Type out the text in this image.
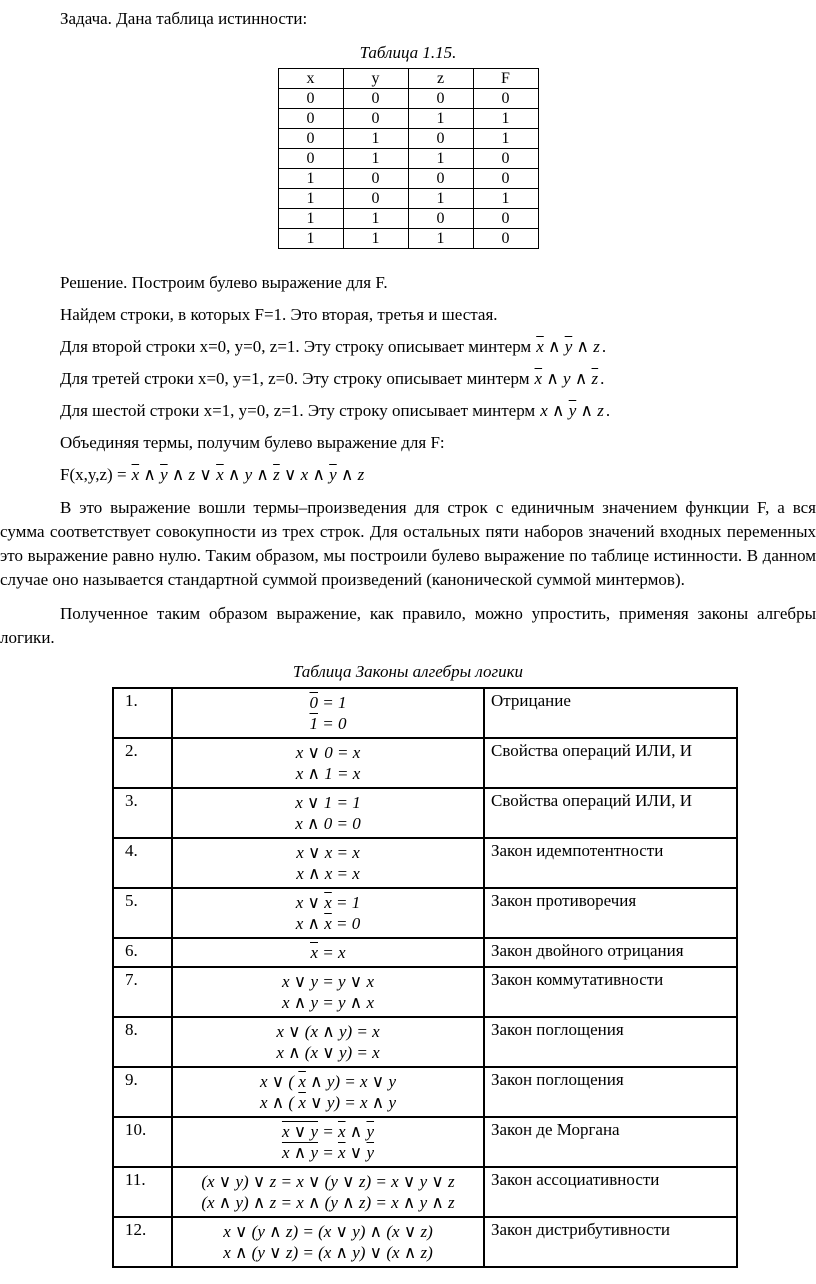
Задача. Дана таблица истинности:

Таблица 1.15.

x	y	z	F
0	0	0	0
0	0	1	1
0	1	0	1
0	1	1	0
1	0	0	0
1	0	1	1
1	1	0	0
1	1	1	0

Решение. Построим булево выражение для F.

Найдем строки, в которых F=1. Это вторая, третья и шестая.

Для второй строки x=0, y=0, z=1. Эту строку описывает минтерм $\overline{x}$ ∧ $\overline{y}$ ∧ z .

Для третей строки x=0, y=1, z=0. Эту строку описывает минтерм $\overline{x}$ ∧ y ∧ $\overline{z}$ .

Для шестой строки x=1, y=0, z=1. Эту строку описывает минтерм x ∧ $\overline{y}$ ∧ z .

Объединяя термы, получим булево выражение для F:

$F(x,y,z) = \overline{x}$ ∧ $\overline{y}$ ∧ z ∨ $\overline{x}$ ∧ y ∧ $\overline{z}$ ∨ x ∧ $\overline{y}$ ∧ z

В это выражение вошли термы–произведения для строк с единичным значением функции F, а вся сумма соответствует совокупности из трех строк. Для остальных пяти наборов значений входных переменных это выражение равно нулю. Таким образом, мы построили булево выражение по таблице истинности. В данном случае оно называется стандартной суммой произведений (канонической суммой минтермов).

Полученное таким образом выражение, как правило, можно упростить, применяя законы алгебры логики.

Таблица Законы алгебры логики

1.	0 = 1
1 = 0	Отрицание
2.	x ∨ 0 = x
x ∧ 1 = x	Свойства операций ИЛИ, И
3.	x ∨ 1 = 1
x ∧ 0 = 0	Свойства операций ИЛИ, И
4.	x ∨ x = x
x ∧ x = x	Закон идемпотентности
5.	x ∨ $\overline{x} = 1$
x ∧ $\overline{x} = 0$	Закон противоречия
6.	$\overline{x} = x$	Закон двойного отрицания
7.	x ∨ y = y ∨ x
x ∧ y = y ∧ x	Закон коммутативности
8.	x ∨ (x ∧ y) = x
x ∧ (x ∨ y) = x	Закон поглощения
9.	x ∨ ( $\overline{x}$ ∧ y) = x ∨ y
x ∧ ( $\overline{x}$ ∨ y) = x ∧ y	Закон поглощения
10.	x ∨ $y = \overline{x}$ ∧ $\overline{y}$
x ∧ $y = \overline{x}$ ∨ $\overline{y}$	Закон де Моргана
11.	(x ∨ y) ∨ z = x ∨ (y ∨ z) = x ∨ y ∨ z
(x ∧ y) ∧ z = x ∧ (y ∧ z) = x ∧ y ∧ z	Закон ассоциативности
12.	x ∨ (y ∧ z) = (x ∨ y) ∧ (x ∨ z)
x ∧ (y ∨ z) = (x ∧ y) ∨ (x ∧ z)	Закон дистрибутивности
